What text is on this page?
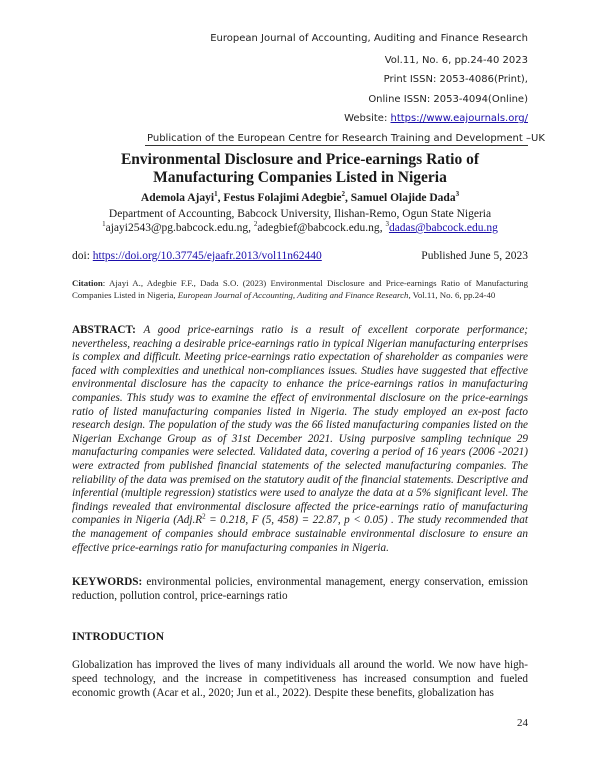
European Journal of Accounting, Auditing and Finance Research
Vol.11, No. 6, pp.24-40 2023
Print ISSN: 2053-4086(Print),
Online ISSN: 2053-4094(Online)
Website: https://www.eajournals.org/
Publication of the European Centre for Research Training and Development –UK
Environmental Disclosure and Price-earnings Ratio of
Manufacturing Companies Listed in Nigeria
Ademola Ajayi$^1$, Festus Folajimi Adegbie$^2$, Samuel Olajide Dada$^3$
Department of Accounting, Babcock University, Ilishan-Remo, Ogun State Nigeria
$^1$ajayi2543@pg.babcock.edu.ng, $^2$adegbief@babcock.edu.ng, $^3$dadas@babcock.edu.ng
doi: https://doi.org/10.37745/ejaafr.2013/vol11n62440	Published June 5, 2023
Citation: Ajayi A., Adegbie F.F., Dada S.O. (2023) Environmental Disclosure and Price-earnings Ratio of Manufacturing Companies Listed in Nigeria, European Journal of Accounting, Auditing and Finance Research, Vol.11, No. 6, pp.24-40
ABSTRACT: A good price-earnings ratio is a result of excellent corporate performance; nevertheless, reaching a desirable price-earnings ratio in typical Nigerian manufacturing enterprises is complex and difficult. Meeting price-earnings ratio expectation of shareholder as companies were faced with complexities and unethical non-compliances issues. Studies have suggested that effective environmental disclosure has the capacity to enhance the price-earnings ratios in manufacturing companies. This study was to examine the effect of environmental disclosure on the price-earnings ratio of listed manufacturing companies listed in Nigeria. The study employed an ex-post facto research design. The population of the study was the 66 listed manufacturing companies listed on the Nigerian Exchange Group as of 31st December 2021. Using purposive sampling technique 29 manufacturing companies were selected. Validated data, covering a period of 16 years (2006 -2021) were extracted from published financial statements of the selected manufacturing companies. The reliability of the data was premised on the statutory audit of the financial statements. Descriptive and inferential (multiple regression) statistics were used to analyze the data at a 5% significant level. The findings revealed that environmental disclosure affected the price-earnings ratio of manufacturing companies in Nigeria ($Adj.R^2 = 0.218$, F (5, 458) = 22.87, p < 0.05) . The study recommended that the management of companies should embrace sustainable environmental disclosure to ensure an effective price-earnings ratio for manufacturing companies in Nigeria.
KEYWORDS: environmental policies, environmental management, energy conservation, emission reduction, pollution control, price-earnings ratio
INTRODUCTION
Globalization has improved the lives of many individuals all around the world. We now have high-speed technology, and the increase in competitiveness has increased consumption and fueled economic growth (Acar et al., 2020; Jun et al., 2022). Despite these benefits, globalization has
24
